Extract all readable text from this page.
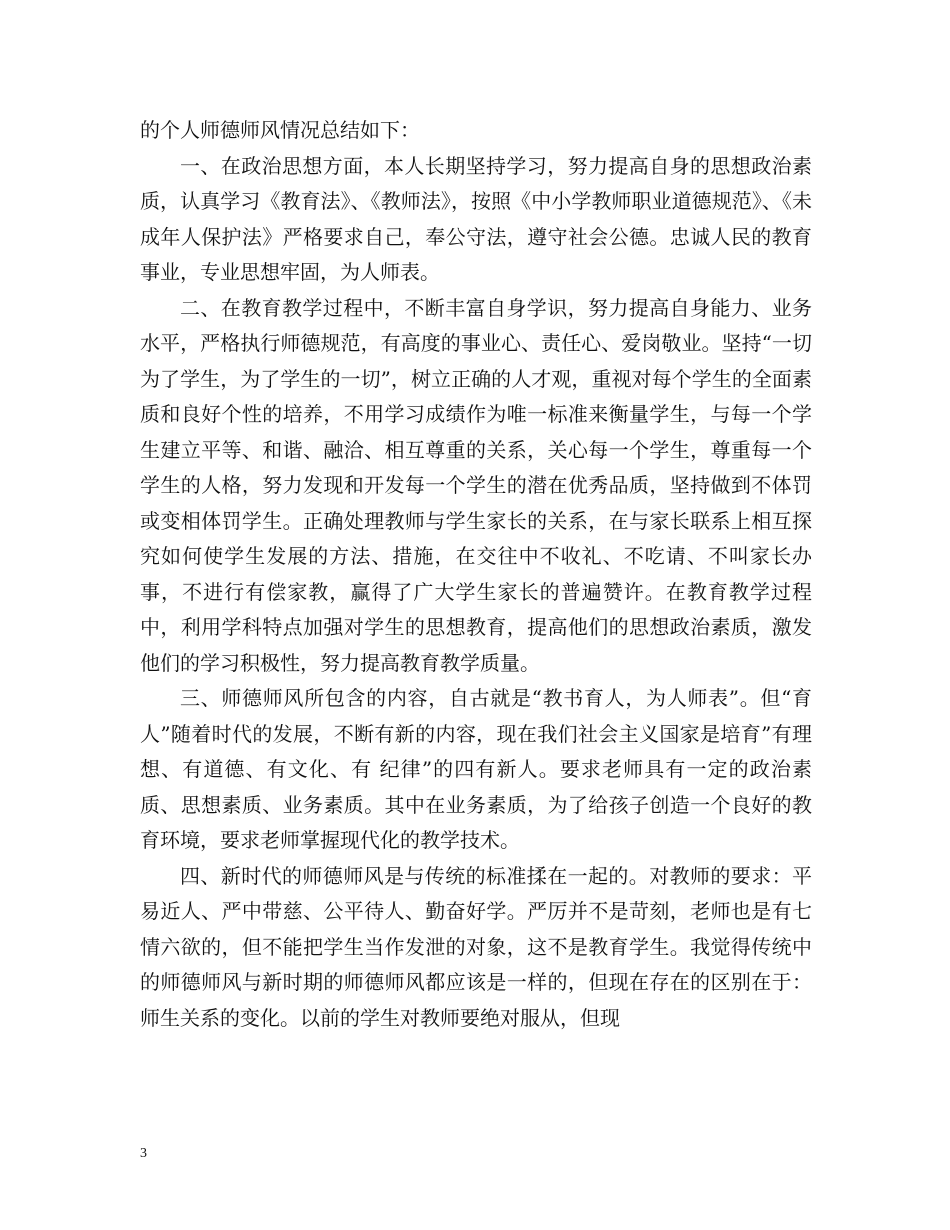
的个人师德师风情况总结如下：

一、在政治思想方面，本人长期坚持学习，努力提高自身的思想政治素质，认真学习《教育法》、《教师法》，按照《中小学教师职业道德规范》、《未成年人保护法》严格要求自己，奉公守法，遵守社会公德。忠诚人民的教育事业，专业思想牢固，为人师表。

二、在教育教学过程中，不断丰富自身学识，努力提高自身能力、业务水平，严格执行师德规范，有高度的事业心、责任心、爱岗敬业。坚持“一切为了学生，为了学生的一切”，树立正确的人才观，重视对每个学生的全面素质和良好个性的培养，不用学习成绩作为唯一标准来衡量学生，与每一个学生建立平等、和谐、融洽、相互尊重的关系，关心每一个学生，尊重每一个学生的人格，努力发现和开发每一个学生的潜在优秀品质，坚持做到不体罚或变相体罚学生。正确处理教师与学生家长的关系，在与家长联系上相互探究如何使学生发展的方法、措施，在交往中不收礼、不吃请、不叫家长办事，不进行有偿家教，赢得了广大学生家长的普遍赞许。在教育教学过程中，利用学科特点加强对学生的思想教育，提高他们的思想政治素质，激发他们的学习积极性，努力提高教育教学质量。

三、师德师风所包含的内容，自古就是“教书育人，为人师表”。但“育人”随着时代的发展，不断有新的内容，现在我们社会主义国家是培育”有理想、有道德、有文化、有 纪律”的四有新人。要求老师具有一定的政治素质、思想素质、业务素质。其中在业务素质，为了给孩子创造一个良好的教育环境，要求老师掌握现代化的教学技术。

四、新时代的师德师风是与传统的标准揉在一起的。对教师的要求：平易近人、严中带慈、公平待人、勤奋好学。严厉并不是苛刻，老师也是有七情六欲的，但不能把学生当作发泄的对象，这不是教育学生。我觉得传统中的师德师风与新时期的师德师风都应该是一样的，但现在存在的区别在于：师生关系的变化。以前的学生对教师要绝对服从，但现

3
